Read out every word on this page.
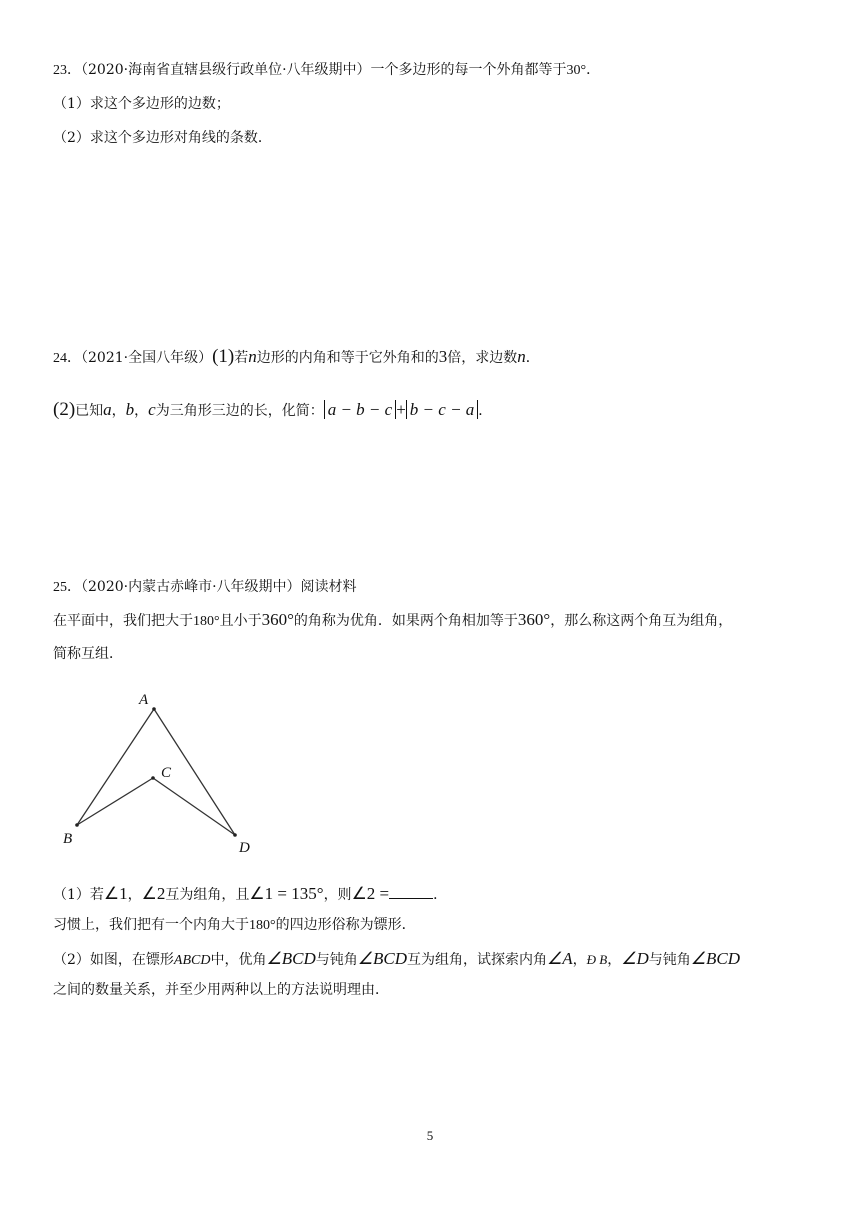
23．（2020·海南省直辖县级行政单位·八年级期中）一个多边形的每一个外角都等于30°．
（1）求这个多边形的边数；
（2）求这个多边形对角线的条数．
24．（2021·全国八年级）(1)若n边形的内角和等于它外角和的3倍，求边数n．
(2)已知a，b，c为三角形三边的长，化简： a − b − c + b − c − a ．
25．（2020·内蒙古赤峰市·八年级期中）阅读材料
在平面中，我们把大于180°且小于360°的角称为优角．如果两个角相加等于360°，那么称这两个角互为组角，
简称互组．
A
B
C
D
（1）若∠1，∠2互为组角，且∠1 = 135°，则∠2 =	．
习惯上，我们把有一个内角大于180°的四边形俗称为镖形．
（2）如图，在镖形ABCD中，优角∠BCD与钝角∠BCD互为组角，试探索内角∠A，Ð B，∠D与钝角∠BCD
之间的数量关系，并至少用两种以上的方法说明理由．
5
